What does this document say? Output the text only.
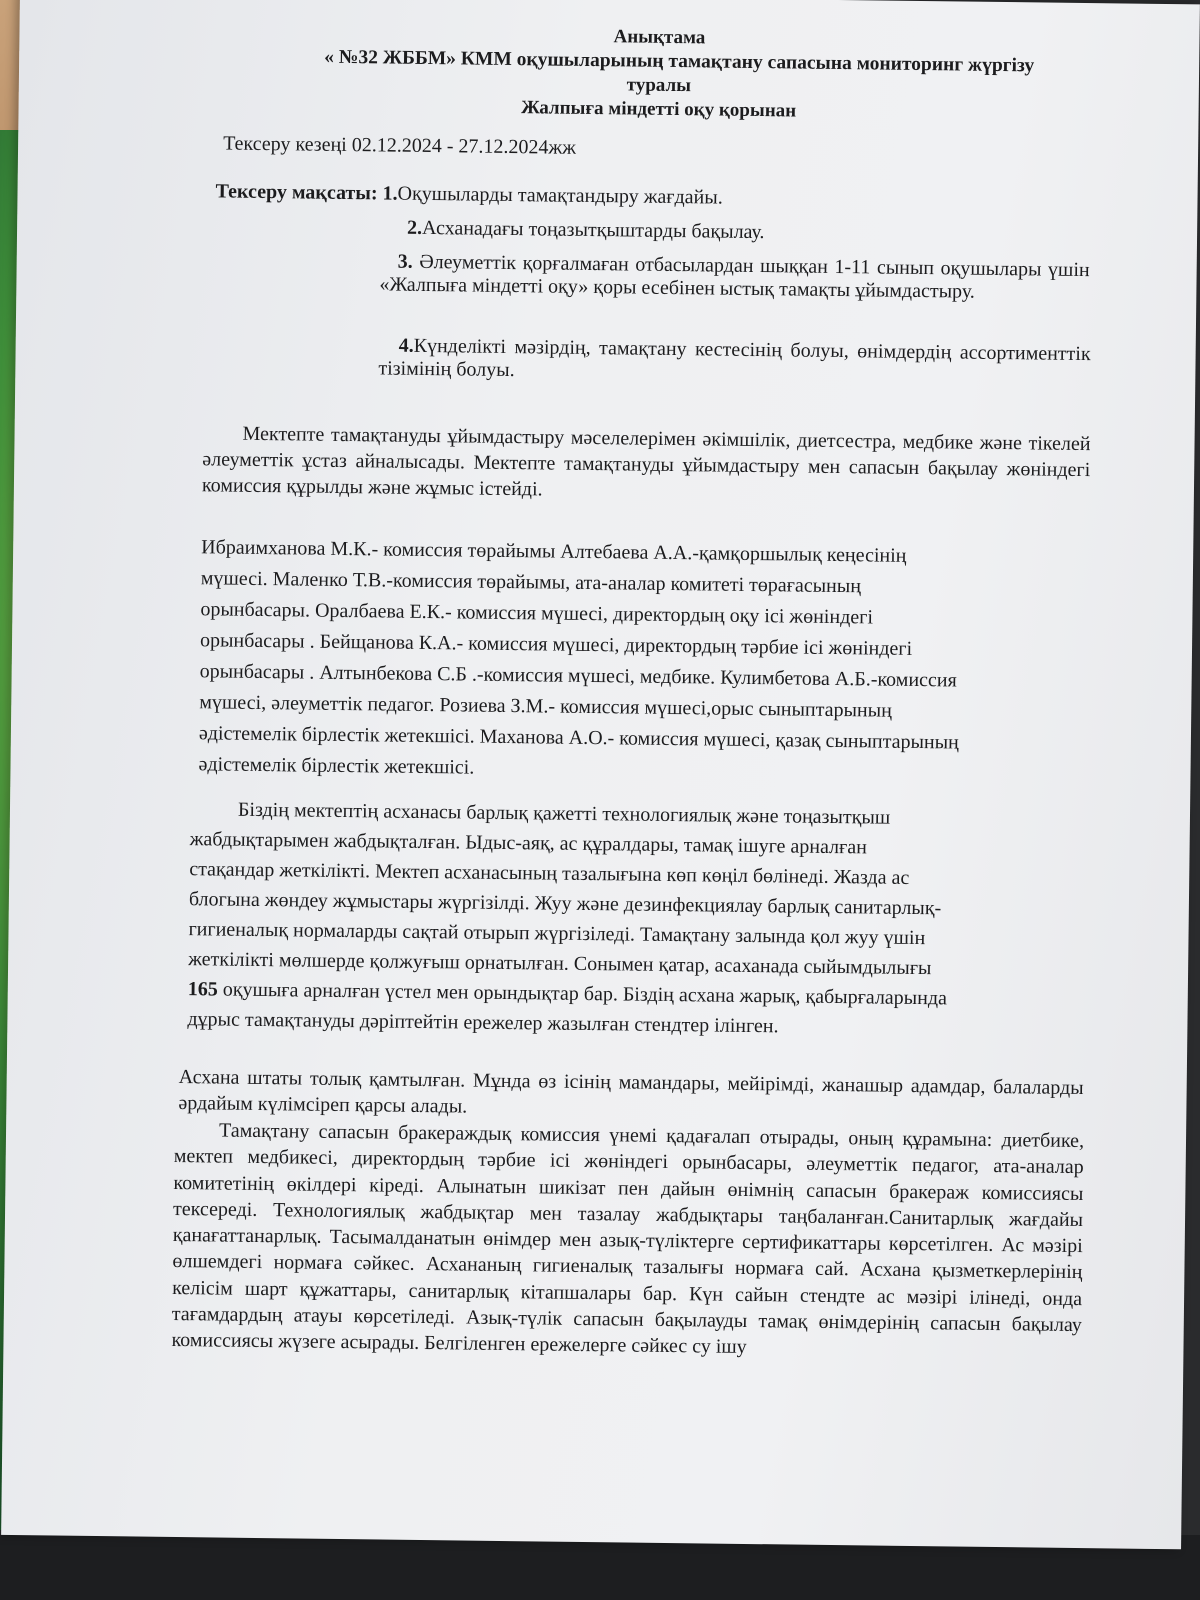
Анықтама
« №32 ЖББМ» КММ оқушыларының тамақтану сапасына мониторинг жүргізу
туралы
Жалпыға міндетті оқу қорынан
Тексеру кезеңі 02.12.2024 - 27.12.2024жж
Тексеру мақсаты: 1.Оқушыларды тамақтандыру жағдайы.
2.Асханадағы тоңазытқыштарды бақылау.
3. Әлеуметтік қорғалмаған отбасылардан шыққан 1-11 сынып оқушылары үшін «Жалпыға міндетті оқу» қоры есебінен ыстық тамақты ұйымдастыру.
4.Күнделікті мәзірдің, тамақтану кестесінің болуы, өнімдердің ассортименттік тізімінің болуы.
Мектепте тамақтануды ұйымдастыру мәселелерімен әкімшілік, диетсестра, медбике және тікелей әлеуметтік ұстаз айналысады. Мектепте тамақтануды ұйымдастыру мен сапасын бақылау жөніндегі комиссия құрылды және жұмыс істейді.
Ибраимханова М.К.- комиссия төрайымы Алтебаева А.А.-қамқоршылық кеңесінің
мүшесі. Маленко Т.В.-комиссия төрайымы, ата-аналар комитеті төрағасының
орынбасары. Оралбаева Е.К.- комиссия мүшесі, директордың оқу ісі жөніндегі
орынбасары . Бейщанова К.А.- комиссия мүшесі, директордың тәрбие ісі жөніндегі
орынбасары . Алтынбекова С.Б .-комиссия мүшесі, медбике. Кулимбетова А.Б.-комиссия
мүшесі, әлеуметтік педагог. Розиева З.М.- комиссия мүшесі,орыс сыныптарының
әдістемелік бірлестік жетекшісі. Маханова А.О.- комиссия мүшесі, қазақ сыныптарының
әдістемелік бірлестік жетекшісі.
Біздің мектептің асханасы барлық қажетті технологиялық және тоңазытқыш
жабдықтарымен жабдықталған. Ыдыс-аяқ, ас құралдары, тамақ ішуге арналған
стақандар жеткілікті. Мектеп асханасының тазалығына көп көңіл бөлінеді. Жазда ас
блогына жөндеу жұмыстары жүргізілді. Жуу және дезинфекциялау барлық санитарлық-
гигиеналық нормаларды сақтай отырып жүргізіледі. Тамақтану залында қол жуу үшін
жеткілікті мөлшерде қолжуғыш орнатылған. Сонымен қатар, асаханада сыйымдылығы
165 оқушыға арналған үстел мен орындықтар бар. Біздің асхана жарық, қабырғаларында
дұрыс тамақтануды дәріптейтін ережелер жазылған стендтер ілінген.
Асхана штаты толық қамтылған. Мұнда өз ісінің мамандары, мейірімді, жанашыр адамдар, балаларды әрдайым күлімсіреп қарсы алады.
Тамақтану сапасын бракераждық комиссия үнемі қадағалап отырады, оның құрамына: диетбике, мектеп медбикесі, директордың тәрбие ісі жөніндегі орынбасары, әлеуметтік педагог, ата-аналар комитетінің өкілдері кіреді. Алынатын шикізат пен дайын өнімнің сапасын бракераж комиссиясы тексереді. Технологиялық жабдықтар мен тазалау жабдықтары таңбаланған.Санитарлық жағдайы қанағаттанарлық. Тасымалданатын өнімдер мен азық-түліктерге сертификаттары көрсетілген. Ас мәзірі өлшемдегі нормаға сәйкес. Асхананың гигиеналық тазалығы нормаға сай. Асхана қызметкерлерінің келісім шарт құжаттары, санитарлық кітапшалары бар. Күн сайын стендте ас мәзірі ілінеді, онда тағамдардың атауы көрсетіледі. Азық-түлік сапасын бақылауды тамақ өнімдерінің сапасын бақылау комиссиясы жүзеге асырады. Белгіленген ережелерге сәйкес су ішу
